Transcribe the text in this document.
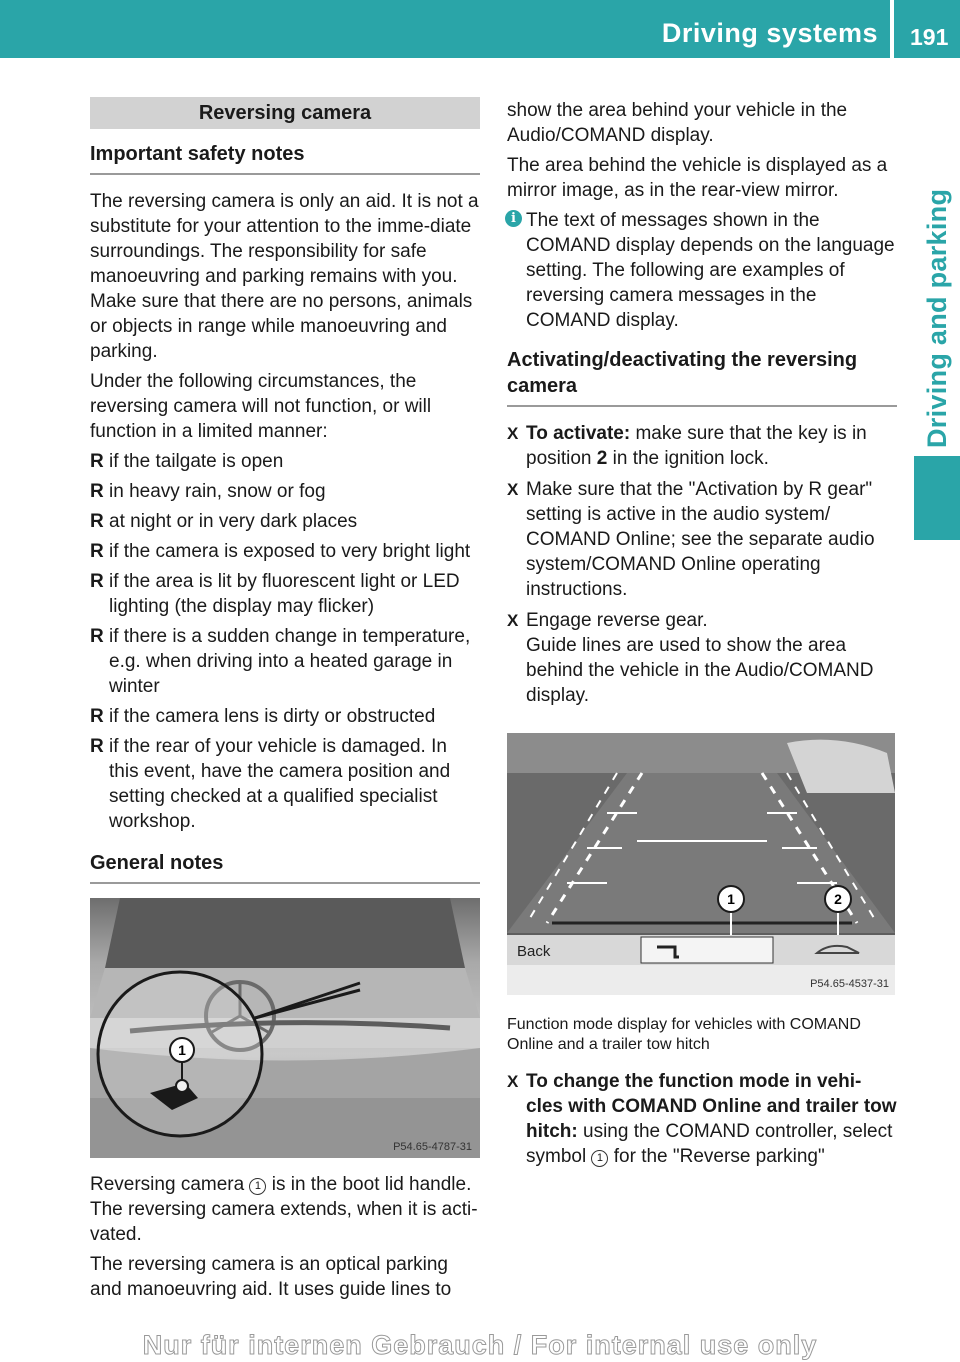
Driving systems 191
Driving and parking
Reversing camera
Important safety notes

The reversing camera is only an aid. It is not a substitute for your attention to the imme-diate surroundings. The responsibility for safe manoeuvring and parking remains with you. Make sure that there are no persons, animals or objects in range while manoeuvring and parking.

Under the following circumstances, the reversing camera will not function, or will function in a limited manner:

R if the tailgate is open
R in heavy rain, snow or fog
R at night or in very dark places
R if the camera is exposed to very bright light
R if the area is lit by fluorescent light or LED lighting (the display may flicker)
R if there is a sudden change in temperature, e.g. when driving into a heated garage in winter
R if the camera lens is dirty or obstructed
R if the rear of your vehicle is damaged. In this event, have the camera position and setting checked at a qualified specialist workshop.
General notes
1
P54.65-4787-31

Reversing camera 1 is in the boot lid handle. The reversing camera extends, when it is acti-vated.

The reversing camera is an optical parking and manoeuvring aid. It uses guide lines to

show the area behind your vehicle in the Audio/COMAND display.

The area behind the vehicle is displayed as a mirror image, as in the rear-view mirror.

i The text of messages shown in the COMAND display depends on the language setting. The following are examples of reversing camera messages in the COMAND display.
Activating/deactivating the reversing camera
X To activate: make sure that the key is in position 2 in the ignition lock.
X Make sure that the "Activation by R gear" setting is active in the audio system/ COMAND Online; see the separate audio system/COMAND Online operating instructions.
X Engage reverse gear.
Guide lines are used to show the area behind the vehicle in the Audio/COMAND display.
1	2
Back
P54.65-4537-31
Function mode display for vehicles with COMAND Online and a trailer tow hitch
X To change the function mode in vehi-cles with COMAND Online and trailer tow hitch: using the COMAND controller, select symbol 1 for the "Reverse parking"
Nur für internen Gebrauch / For internal use only
